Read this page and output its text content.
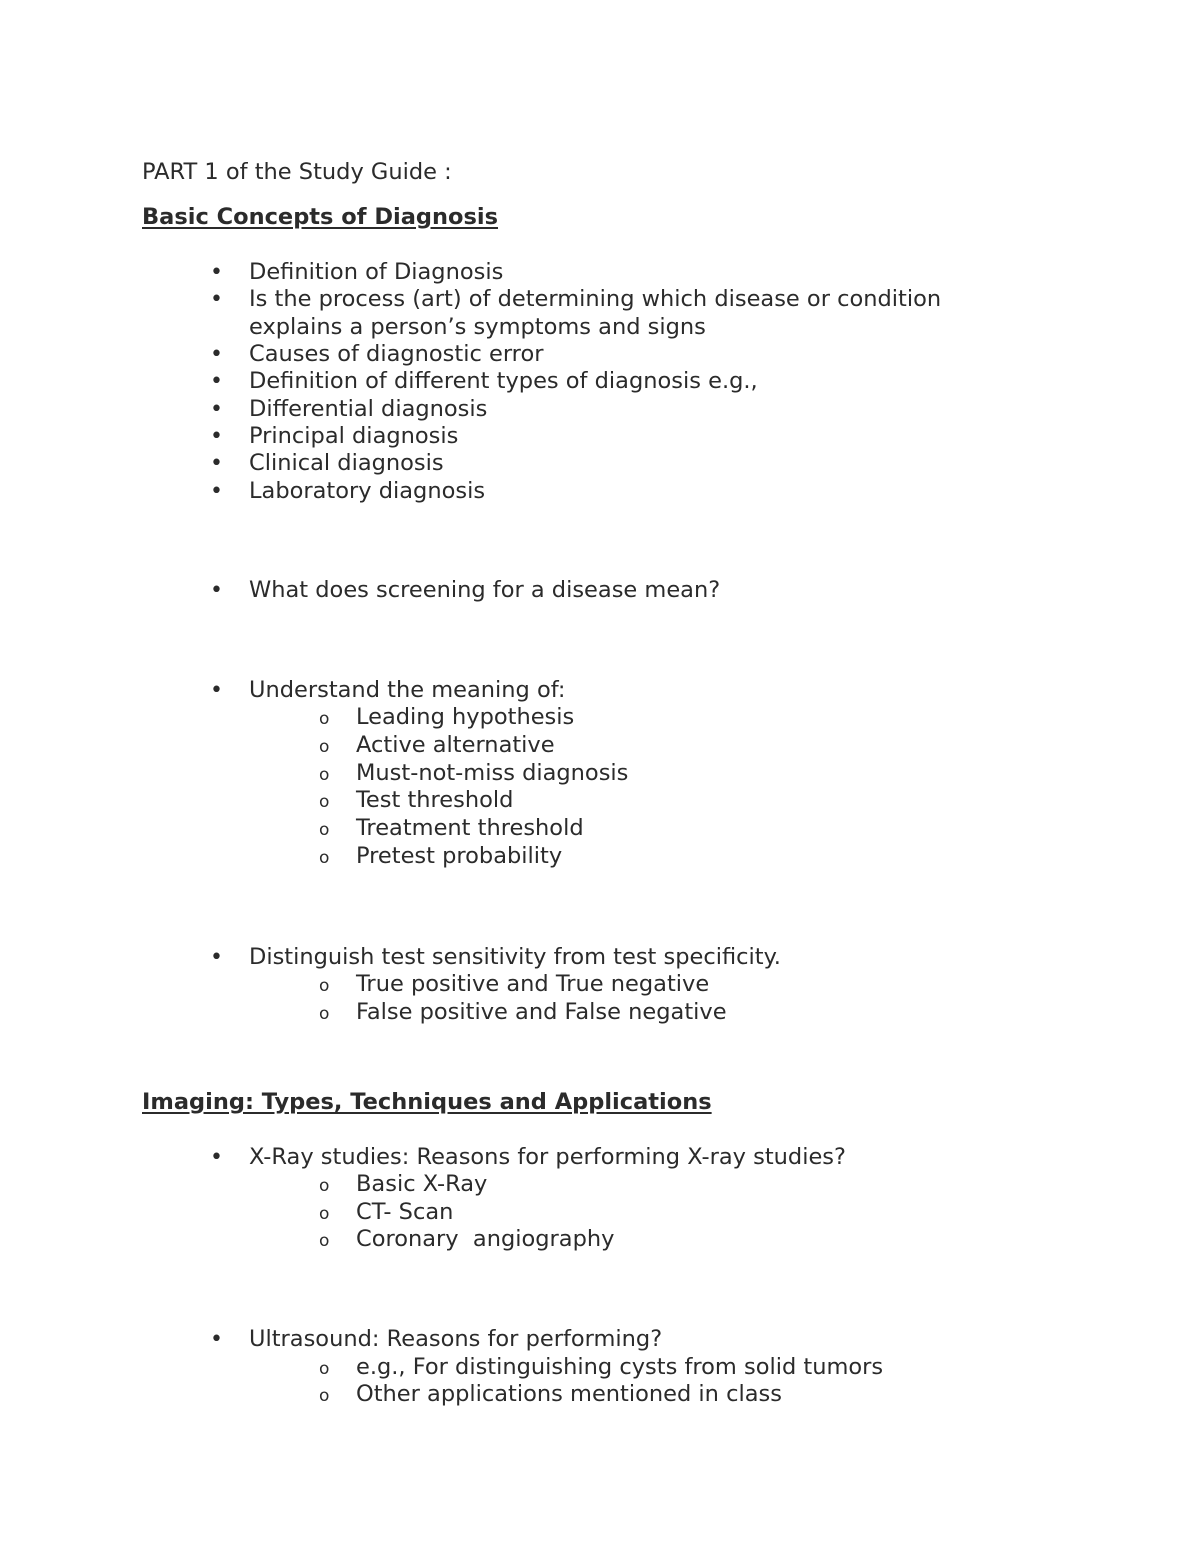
PART 1 of the Study Guide :
Basic Concepts of Diagnosis
• Definition of Diagnosis
• Is the process (art) of determining which disease or condition
explains a person’s symptoms and signs
• Causes of diagnostic error
• Definition of different types of diagnosis e.g.,
• Differential diagnosis
• Principal diagnosis
• Clinical diagnosis
• Laboratory diagnosis
• What does screening for a disease mean?
• Understand the meaning of:
o Leading hypothesis
o Active alternative
o Must-not-miss diagnosis
o Test threshold
o Treatment threshold
o Pretest probability
• Distinguish test sensitivity from test specificity.
o True positive and True negative
o False positive and False negative
Imaging: Types, Techniques and Applications
• X-Ray studies: Reasons for performing X-ray studies?
o Basic X-Ray
o CT- Scan
o Coronary  angiography
• Ultrasound: Reasons for performing?
o e.g., For distinguishing cysts from solid tumors
o Other applications mentioned in class
